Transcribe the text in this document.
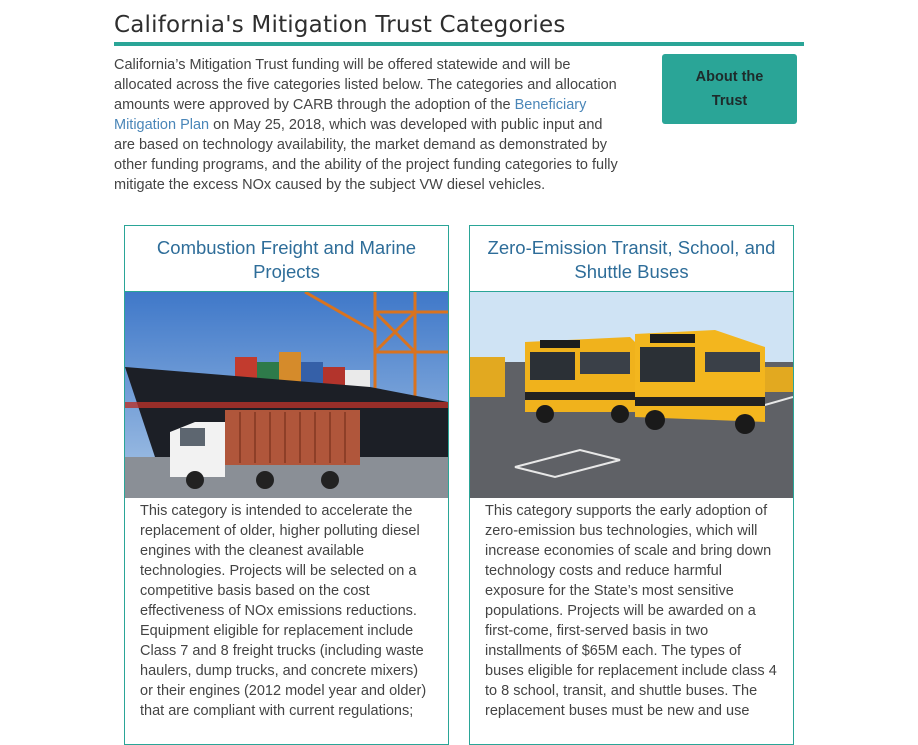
California's Mitigation Trust Categories

California’s Mitigation Trust funding will be offered statewide and will be allocated across the five categories listed below. The categories and allocation amounts were approved by CARB through the adoption of the Beneficiary Mitigation Plan on May 25, 2018, which was developed with public input and are based on technology availability, the market demand as demonstrated by other funding programs, and the ability of the project funding categories to fully mitigate the excess NOx caused by the subject VW diesel vehicles.

About the Trust
Combustion Freight and Marine Projects

This category is intended to accelerate the replacement of older, higher polluting diesel engines with the cleanest available technologies. Projects will be selected on a competitive basis based on the cost effectiveness of NOx emissions reductions. Equipment eligible for replacement include Class 7 and 8 freight trucks (including waste haulers, dump trucks, and concrete mixers) or their engines (2012 model year and older) that are compliant with current regulations;

Zero-Emission Transit, School, and Shuttle Buses

This category supports the early adoption of zero-emission bus technologies, which will increase economies of scale and bring down technology costs and reduce harmful exposure for the State’s most sensitive populations. Projects will be awarded on a first-come, first-served basis in two installments of $65M each. The types of buses eligible for replacement include class 4 to 8 school, transit, and shuttle buses. The replacement buses must be new and use
